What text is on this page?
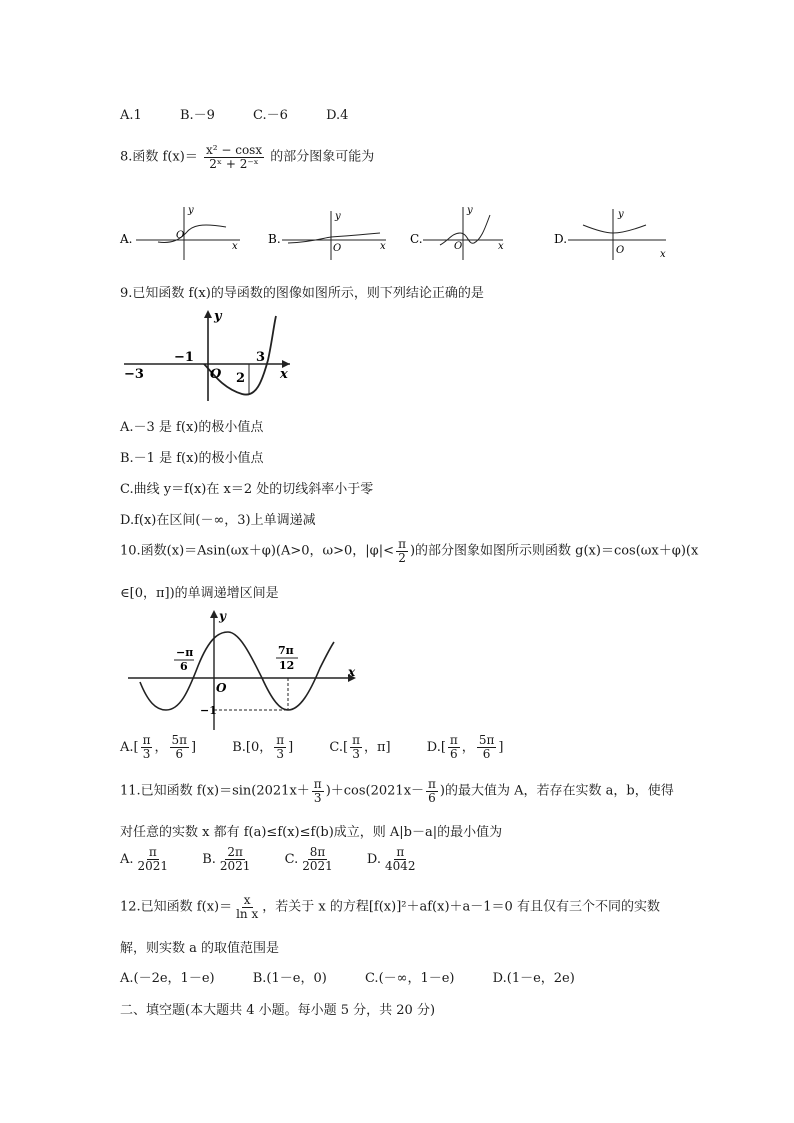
A.1	B.－9	C.－6	D.4
8.函数 $f(x)= \frac{\text{x² − cosx}}{\text{2ˣ + 2⁻ˣ}}$ 的部分图象可能为
A.
y
x
O	B.
y
x
O
C.
y
x
O
D.
y
x
O
9.已知函数 f(x)的导函数的图像如图所示，则下列结论正确的是
−3
−1
2
3
y
x
O
A.－3 是 f(x)的极小值点
B.－1 是 f(x)的极小值点
C.曲线 y＝f(x)在 x＝2 处的切线斜率小于零
D.f(x)在区间(－∞，3)上单调递减
10.函数(x)＝Asin(ωx＋φ)(A>0，ω>0，$|\varphi|< \frac{\pi}{2}$ )的部分图象如图所示则函数 g(x)＝cos(ωx＋φ)(x
∈[0，π])的单调递增区间是
−π
6
7π
12
−1
y
x
O
$A.[ \frac{\pi}{3}$ ， $\frac{5\pi}{6}$ ]	B.[0， $\frac{\pi}{3}$ ]	$C.[ \frac{\pi}{3}$ ，π]	$D.[ \frac{\pi}{6}$ ， $\frac{5\pi}{6}$ ]
11.已知函数 $f(x)=\sin(2021x+ \frac{\pi}{3} )+\cos(2021x- \frac{\pi}{6}$ )的最大值为 A，若存在实数 a，b，使得
对任意的实数 x 都有 f(a)≤f(x)≤f(b)成立，则 A|b－a|的最小值为
A. $\frac{\pi}{2021} B$. $\frac{2\pi}{2021} C$. $\frac{8\pi}{2021} D$. $\frac{\pi}{4042}$
12.已知函数 $f(x)= \frac{x}{\text{ln x}}$ ，若关于 x 的方程[f(x)]²＋af(x)＋a－1＝0 有且仅有三个不同的实数
解，则实数 a 的取值范围是
A.(－2e，1－e)	B.(1－e，0)	C.(－∞，1－e)	D.(1－e，2e)
二、填空题(本大题共 4 小题。每小题 5 分，共 20 分)
